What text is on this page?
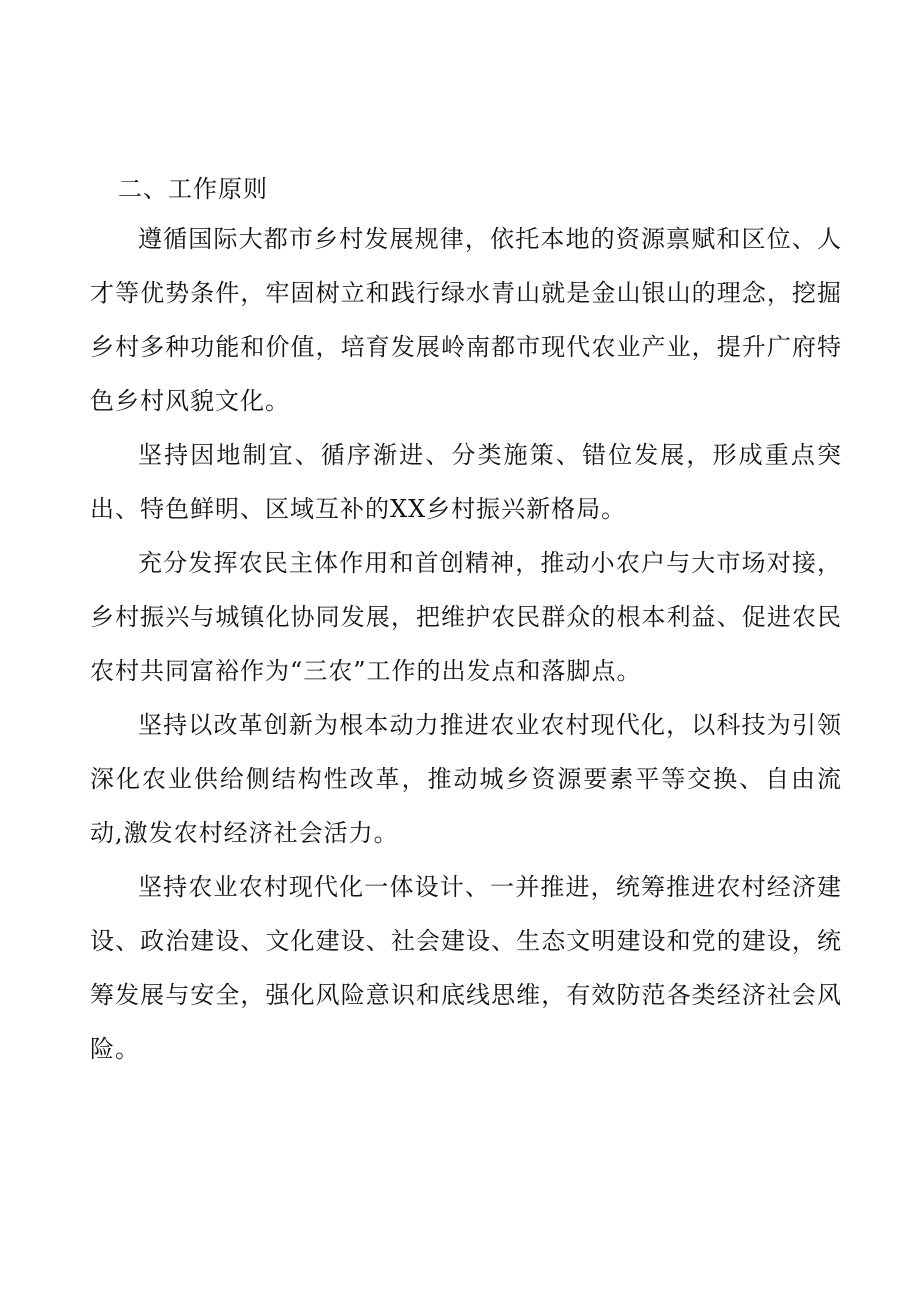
二、工作原则

遵循国际大都市乡村发展规律，依托本地的资源禀赋和区位、人才等优势条件，牢固树立和践行绿水青山就是金山银山的理念，挖掘乡村多种功能和价值，培育发展岭南都市现代农业产业，提升广府特色乡村风貌文化。

坚持因地制宜、循序渐进、分类施策、错位发展，形成重点突出、特色鲜明、区域互补的XX乡村振兴新格局。

充分发挥农民主体作用和首创精神，推动小农户与大市场对接，乡村振兴与城镇化协同发展，把维护农民群众的根本利益、促进农民农村共同富裕作为“三农”工作的出发点和落脚点。

坚持以改革创新为根本动力推进农业农村现代化，以科技为引领深化农业供给侧结构性改革，推动城乡资源要素平等交换、自由流动,激发农村经济社会活力。

坚持农业农村现代化一体设计、一并推进，统筹推进农村经济建设、政治建设、文化建设、社会建设、生态文明建设和党的建设，统筹发展与安全，强化风险意识和底线思维，有效防范各类经济社会风险。
